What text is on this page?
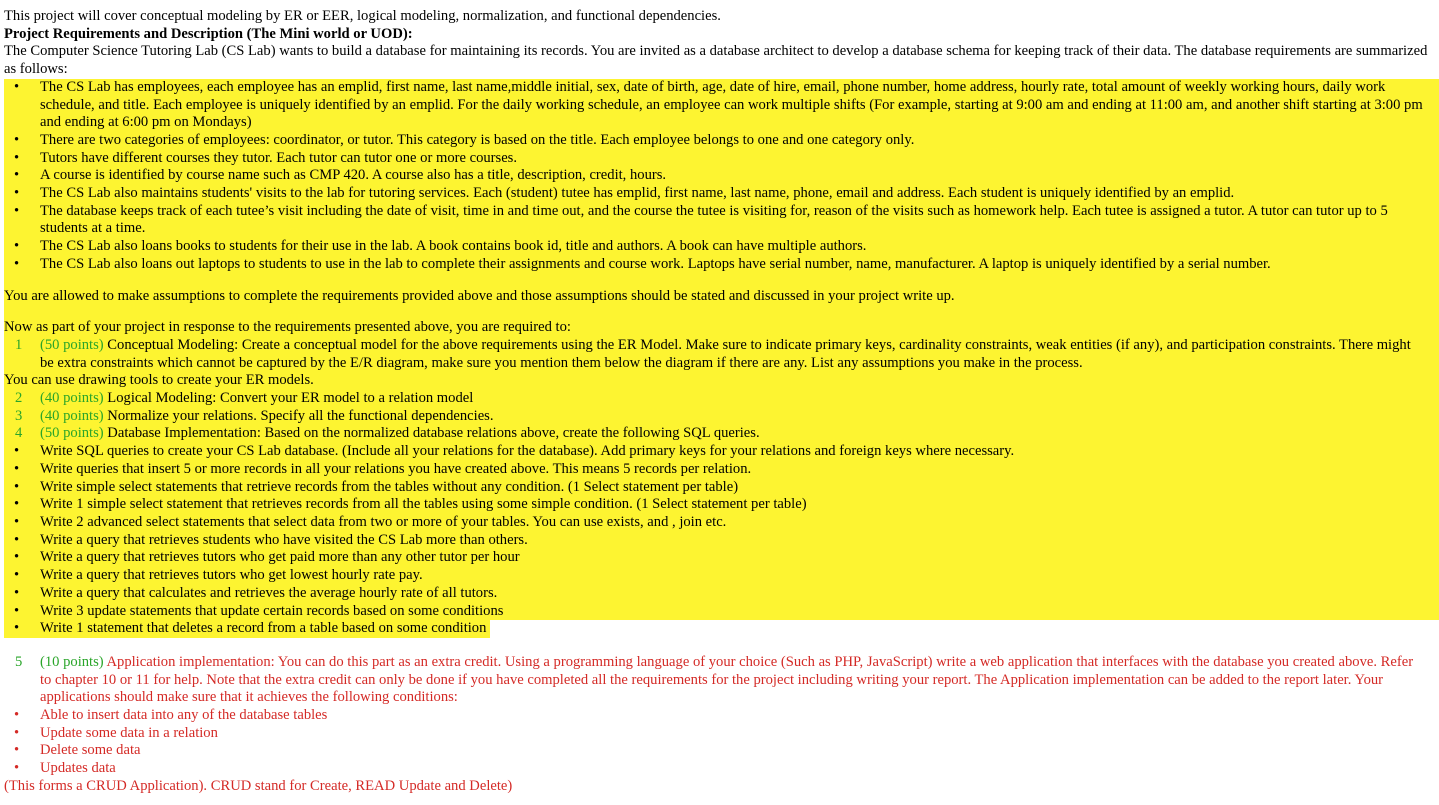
This project will cover conceptual modeling by ER or EER, logical modeling, normalization, and functional dependencies.

Project Requirements and Description (The Mini world or UOD):

The Computer Science Tutoring Lab (CS Lab) wants to build a database for maintaining its records. You are invited as a database architect to develop a database schema for keeping track of their data. The database requirements are summarized as follows:

•	The CS Lab has employees, each employee has an emplid, first name, last name,middle initial, sex, date of birth, age, date of hire, email, phone number, home address, hourly rate, total amount of weekly working hours, daily work schedule, and title. Each employee is uniquely identified by an emplid. For the daily working schedule, an employee can work multiple shifts (For example, starting at 9:00 am and ending at 11:00 am, and another shift starting at 3:00 pm and ending at 6:00 pm on Mondays)
•	There are two categories of employees: coordinator, or tutor. This category is based on the title. Each employee belongs to one and one category only.
•	Tutors have different courses they tutor. Each tutor can tutor one or more courses.
•	A course is identified by course name such as CMP 420. A course also has a title, description, credit, hours.
•	The CS Lab also maintains students' visits to the lab for tutoring services. Each (student) tutee has emplid, first name, last name, phone, email and address. Each student is uniquely identified by an emplid.
•	The database keeps track of each tutee’s visit including the date of visit, time in and time out, and the course the tutee is visiting for, reason of the visits such as homework help. Each tutee is assigned a tutor. A tutor can tutor up to 5 students at a time.
•	The CS Lab also loans books to students for their use in the lab. A book contains book id, title and authors. A book can have multiple authors.
•	The CS Lab also loans out laptops to students to use in the lab to complete their assignments and course work. Laptops have serial number, name, manufacturer. A laptop is uniquely identified by a serial number.

You are allowed to make assumptions to complete the requirements provided above and those assumptions should be stated and discussed in your project write up.

Now as part of your project in response to the requirements presented above, you are required to:

1	(50 points) Conceptual Modeling: Create a conceptual model for the above requirements using the ER Model. Make sure to indicate primary keys, cardinality constraints, weak entities (if any), and participation constraints. There might be extra constraints which cannot be captured by the E/R diagram, make sure you mention them below the diagram if there are any. List any assumptions you make in the process.

You can use drawing tools to create your ER models.

2	(40 points) Logical Modeling: Convert your ER model to a relation model
3	(40 points) Normalize your relations. Specify all the functional dependencies.
4	(50 points) Database Implementation: Based on the normalized database relations above, create the following SQL queries.
•	Write SQL queries to create your CS Lab database. (Include all your relations for the database). Add primary keys for your relations and foreign keys where necessary.
•	Write queries that insert 5 or more records in all your relations you have created above. This means 5 records per relation.
•	Write simple select statements that retrieve records from the tables without any condition. (1 Select statement per table)
•	Write 1 simple select statement that retrieves records from all the tables using some simple condition. (1 Select statement per table)
•	Write 2 advanced select statements that select data from two or more of your tables. You can use exists, and , join etc.
•	Write a query that retrieves students who have visited the CS Lab more than others.
•	Write a query that retrieves tutors who get paid more than any other tutor per hour
•	Write a query that retrieves tutors who get lowest hourly rate pay.
•	Write a query that calculates and retrieves the average hourly rate of all tutors.
•	Write 3 update statements that update certain records based on some conditions
•	Write 1 statement that deletes a record from a table based on some condition
5	(10 points) Application implementation: You can do this part as an extra credit. Using a programming language of your choice (Such as PHP, JavaScript) write a web application that interfaces with the database you created above. Refer to chapter 10 or 11 for help. Note that the extra credit can only be done if you have completed all the requirements for the project including writing your report. The Application implementation can be added to the report later. Your applications should make sure that it achieves the following conditions:
•	Able to insert data into any of the database tables
•	Update some data in a relation
•	Delete some data
•	Updates data

(This forms a CRUD Application). CRUD stand for Create, READ Update and Delete)
